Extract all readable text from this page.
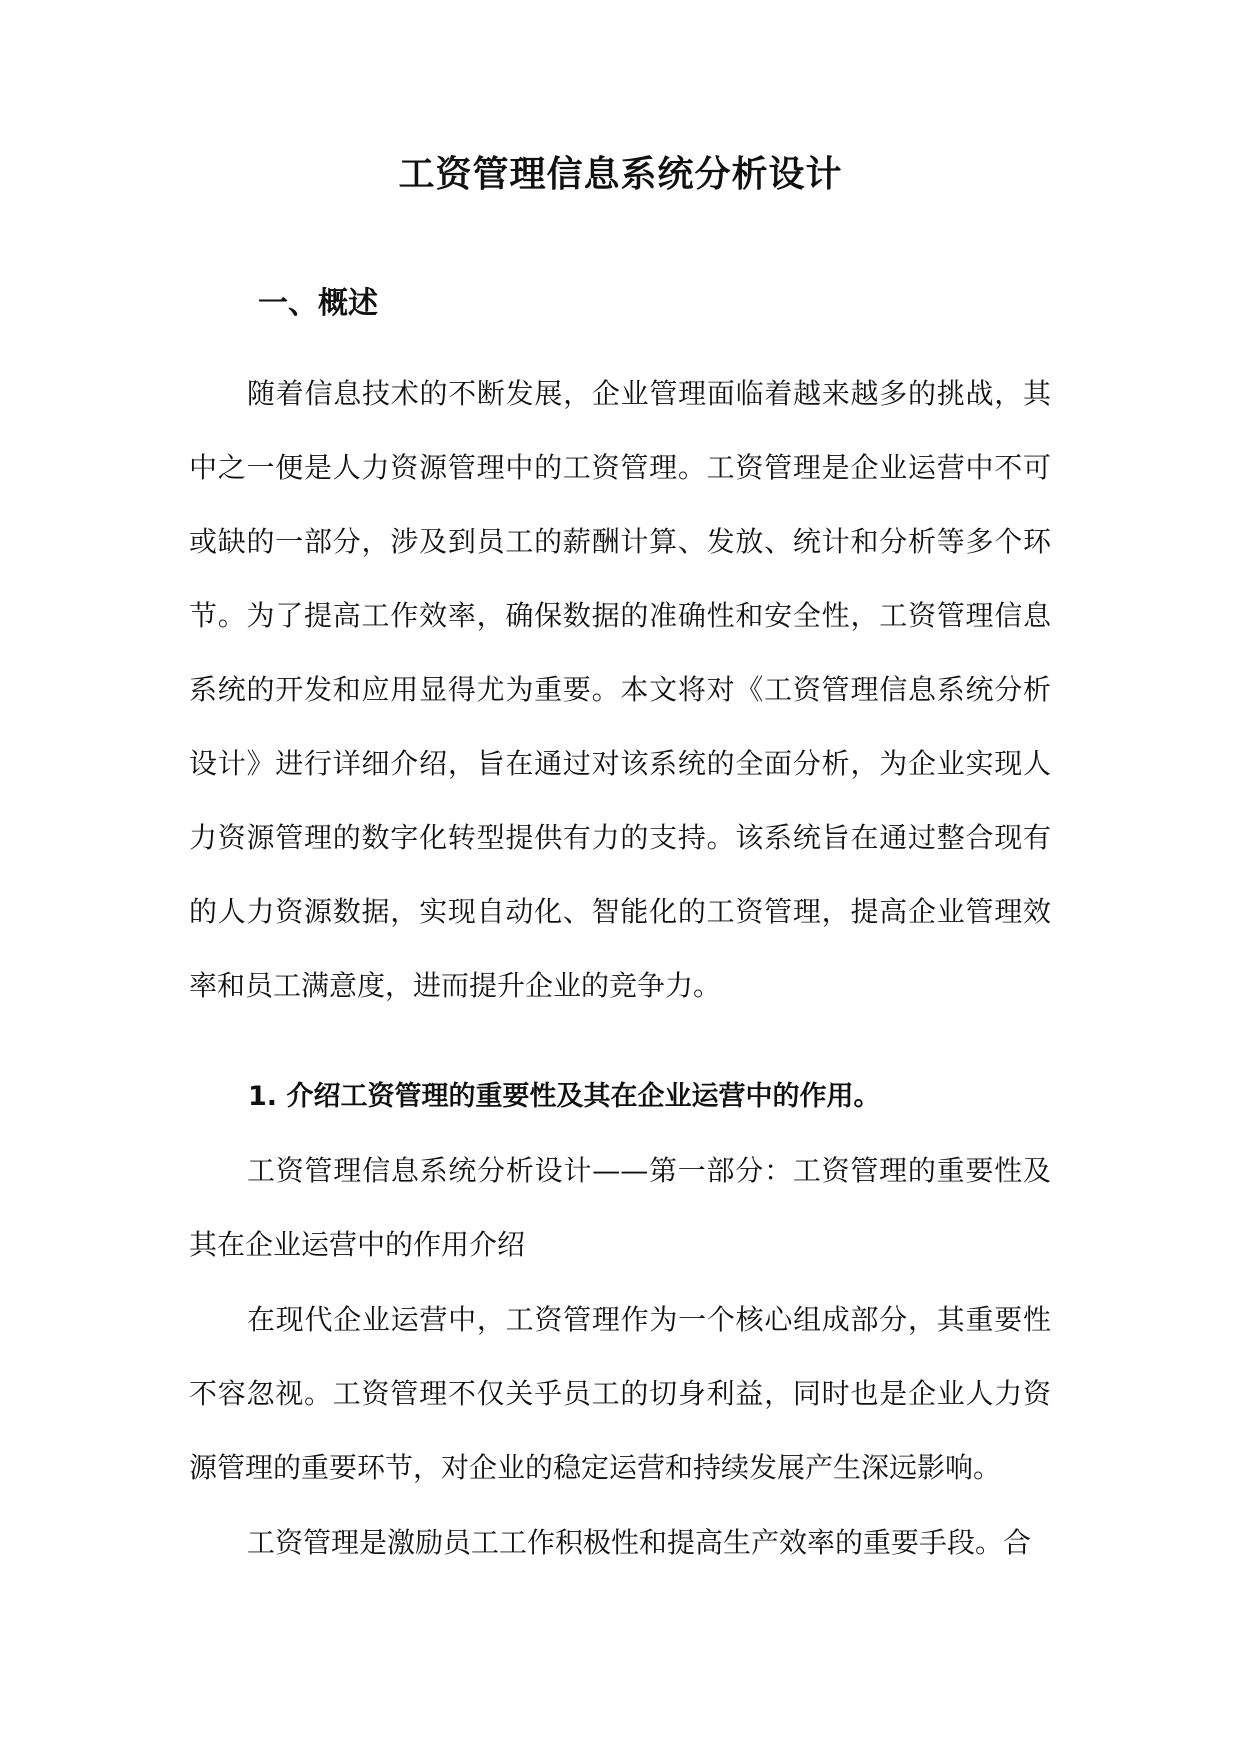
工资管理信息系统分析设计
一、概述

随着信息技术的不断发展，企业管理面临着越来越多的挑战，其中之一便是人力资源管理中的工资管理。工资管理是企业运营中不可或缺的一部分，涉及到员工的薪酬计算、发放、统计和分析等多个环节。为了提高工作效率，确保数据的准确性和安全性，工资管理信息系统的开发和应用显得尤为重要。本文将对《工资管理信息系统分析设计》进行详细介绍，旨在通过对该系统的全面分析，为企业实现人力资源管理的数字化转型提供有力的支持。该系统旨在通过整合现有的人力资源数据，实现自动化、智能化的工资管理，提高企业管理效率和员工满意度，进而提升企业的竞争力。

1. 介绍工资管理的重要性及其在企业运营中的作用。

工资管理信息系统分析设计——第一部分：工资管理的重要性及其在企业运营中的作用介绍

在现代企业运营中，工资管理作为一个核心组成部分，其重要性不容忽视。工资管理不仅关乎员工的切身利益，同时也是企业人力资源管理的重要环节，对企业的稳定运营和持续发展产生深远影响。

工资管理是激励员工工作积极性和提高生产效率的重要手段。合
